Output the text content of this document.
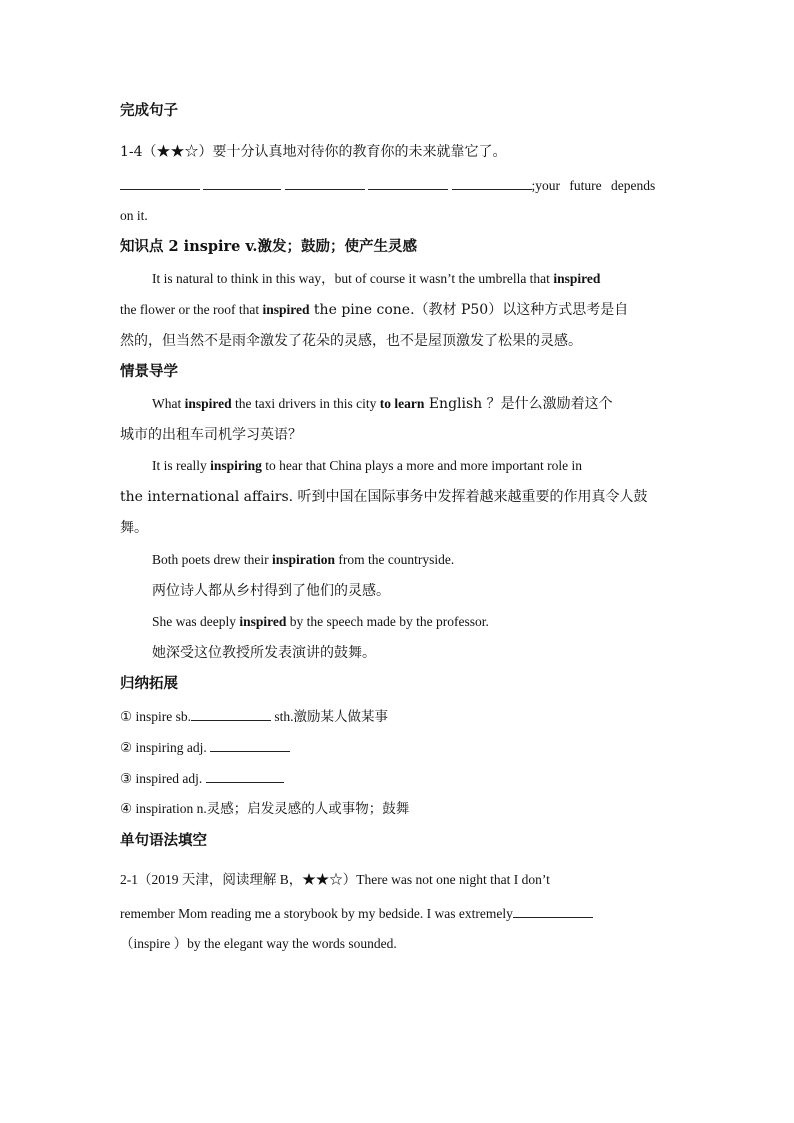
完成句子
1-4（★★☆）要十分认真地对待你的教育你的未来就靠它了。
;your future depends
on it.
知识点 2 inspire v.激发；鼓励；使产生灵感
It is natural to think in this way，but of course it wasn’t the umbrella that inspired
the flower or the roof that inspired the pine cone.（教材 P50）以这种方式思考是自
然的，但当然不是雨伞激发了花朵的灵感，也不是屋顶激发了松果的灵感。
情景导学
What inspired the taxi drivers in this city to learn English ？是什么激励着这个
城市的出租车司机学习英语？
It is really inspiring to hear that China plays a more and more important role in
the international affairs. 听到中国在国际事务中发挥着越来越重要的作用真令人鼓
舞。
Both poets drew their inspiration from the countryside.
两位诗人都从乡村得到了他们的灵感。
She was deeply inspired by the speech made by the professor.
她深受这位教授所发表演讲的鼓舞。
归纳拓展
① inspire sb.	sth.激励某人做某事
② inspiring adj.
③ inspired adj.
④ inspiration n.灵感；启发灵感的人或事物；鼓舞
单句语法填空
2-1（2019 天津，阅读理解 B，★★☆）There was not one night that I don’t
remember Mom reading me a storybook by my bedside. I was extremely
（inspire ）by the elegant way the words sounded.
